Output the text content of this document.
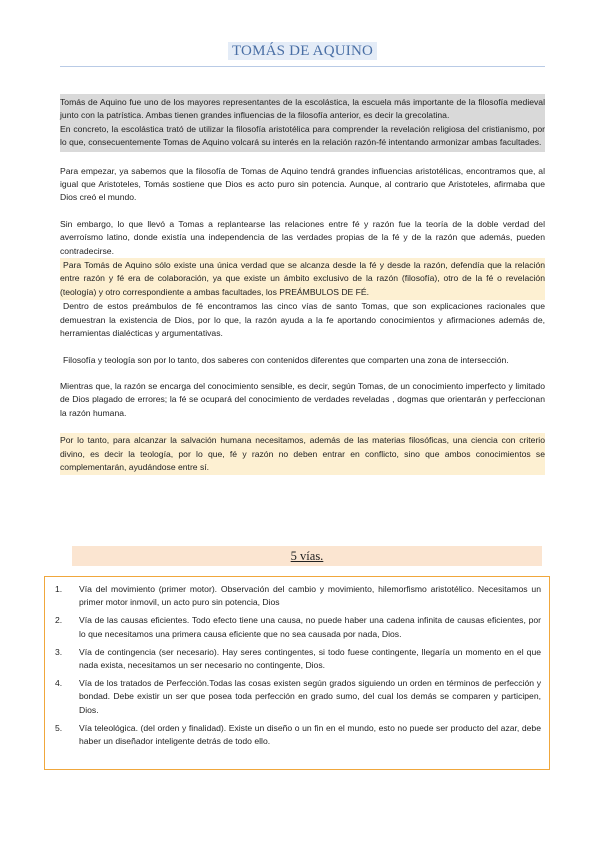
TOMÁS DE AQUINO

Tomás de Aquino fue uno de los mayores representantes de la escolástica, la escuela más importante de la filosofía medieval junto con la patrística. Ambas tienen grandes influencias de la filosofía anterior, es decir la grecolatina.

En concreto, la escolástica trató de utilizar la filosofía aristotélica para comprender la revelación religiosa del cristianismo, por lo que, consecuentemente Tomas de Aquino volcará su interés en la relación razón-fé intentando armonizar ambas facultades.

Para empezar, ya sabemos que la filosofía de Tomas de Aquino tendrá grandes influencias aristotélicas, encontramos que, al igual que Aristoteles, Tomás sostiene que Dios es acto puro sin potencia. Aunque, al contrario que Aristoteles, afirmaba que Dios creó el mundo.

Sin embargo, lo que llevó a Tomas a replantearse las relaciones entre fé y razón fue la teoría de la doble verdad del averroísmo latino, donde existía una independencia de las verdades propias de la fé y de la razón que además, pueden contradecirse.

Para Tomás de Aquino sólo existe una única verdad que se alcanza desde la fé y desde la razón, defendía que la relación entre razón y fé era de colaboración, ya que existe un ámbito exclusivo de la razón (filosofía), otro de la fé o revelación (teología) y otro correspondiente a ambas facultades, los PREÁMBULOS DE FÉ.

Dentro de estos preámbulos de fé encontramos las cinco vías de santo Tomas, que son explicaciones racionales que demuestran la existencia de Dios, por lo que, la razón ayuda a la fe aportando conocimientos y afirmaciones además de, herramientas dialécticas y argumentativas.

Filosofía y teología son por lo tanto, dos saberes con contenidos diferentes que comparten una zona de intersección.

Mientras que, la razón se encarga del conocimiento sensible, es decir, según Tomas, de un conocimiento imperfecto y limitado de Dios plagado de errores; la fé se ocupará del conocimiento de verdades reveladas , dogmas que orientarán y perfeccionan la razón humana.

Por lo tanto, para alcanzar la salvación humana necesitamos, además de las materias filosóficas, una ciencia con criterio divino, es decir la teología, por lo que, fé y razón no deben entrar en conflicto, sino que ambos conocimientos se complementarán, ayudándose entre sí.

5 vías.
1. Vía del movimiento (primer motor). Observación del cambio y movimiento, hilemorfismo aristotélico. Necesitamos un primer motor inmovil, un acto puro sin potencia, Dios
2. Vía de las causas eficientes. Todo efecto tiene una causa, no puede haber una cadena infinita de causas eficientes, por lo que necesitamos una primera causa eficiente que no sea causada por nada, Dios.
3. Vía de contingencia (ser necesario). Hay seres contingentes, si todo fuese contingente, llegaría un momento en el que nada exista, necesitamos un ser necesario no contingente, Dios.
4. Vía de los tratados de Perfección.Todas las cosas existen según grados siguiendo un orden en términos de perfección y bondad. Debe existir un ser que posea toda perfección en grado sumo, del cual los demás se comparen y participen, Dios.
5. Vía teleológica. (del orden y finalidad). Existe un diseño o un fin en el mundo, esto no puede ser producto del azar, debe haber un diseñador inteligente detrás de todo ello.
